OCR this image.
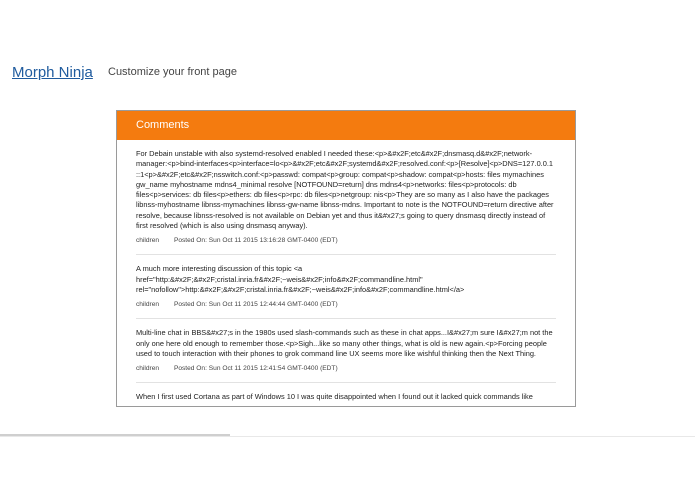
Morph Ninja Customize your front page
Comments
For Debain unstable with also systemd-resolved enabled I needed these:<p>&#x2F;etc&#x2F;dnsmasq.d&#x2F;network-manager:<p>bind-interfaces<p>interface=lo<p>&#x2F;etc&#x2F;systemd&#x2F;resolved.conf:<p>[Resolve]<p>DNS=127.0.0.1 ::1<p>&#x2F;etc&#x2F;nsswitch.conf:<p>passwd: compat<p>group: compat<p>shadow: compat<p>hosts: files mymachines gw_name myhostname mdns4_minimal resolve [NOTFOUND=return] dns mdns4<p>networks: files<p>protocols: db files<p>services: db files<p>ethers: db files<p>rpc: db files<p>netgroup: nis<p>They are so many as I also have the packages libnss-myhostname libnss-mymachines libnss-gw-name libnss-mdns. Important to note is the NOTFOUND=return directive after resolve, because libnss-resolved is not available on Debian yet and thus it&#x27;s going to query dnsmasq directly instead of first resolved (which is also using dnsmasq anyway).
children Posted On: Sun Oct 11 2015 13:16:28 GMT-0400 (EDT)
A much more interesting discussion of this topic <a href="http:&#x2F;&#x2F;cristal.inria.fr&#x2F;~weis&#x2F;info&#x2F;commandline.html" rel="nofollow">http:&#x2F;&#x2F;cristal.inria.fr&#x2F;~weis&#x2F;info&#x2F;commandline.html</a>
children Posted On: Sun Oct 11 2015 12:44:44 GMT-0400 (EDT)
Multi-line chat in BBS&#x27;s in the 1980s used slash-commands such as these in chat apps...I&#x27;m sure I&#x27;m not the only one here old enough to remember those.<p>Sigh...like so many other things, what is old is new again.<p>Forcing people used to touch interaction with their phones to grok command line UX seems more like wishful thinking then the Next Thing.
children Posted On: Sun Oct 11 2015 12:41:54 GMT-0400 (EDT)
When I first used Cortana as part of Windows 10 I was quite disappointed when I found out it lacked quick commands like
